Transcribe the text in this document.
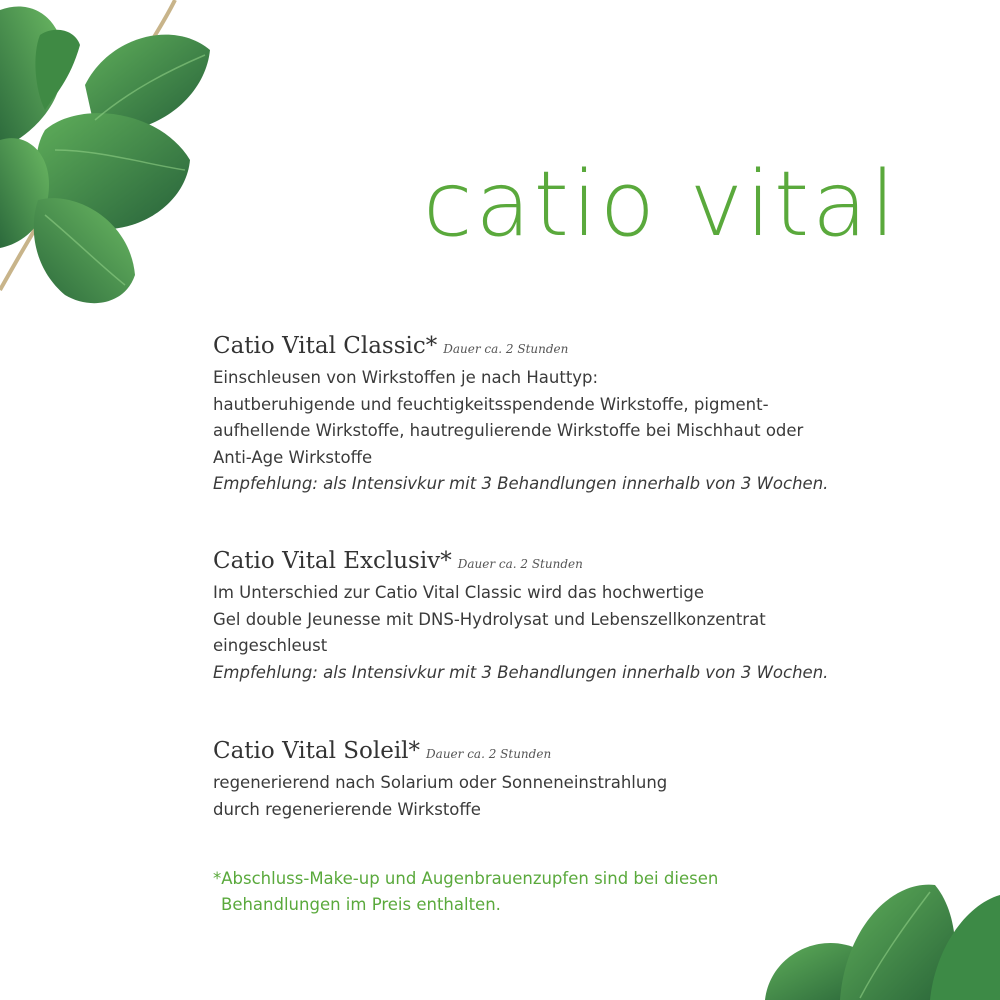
catio vital
Catio Vital Classic* Dauer ca. 2 Stunden
Einschleusen von Wirkstoffen je nach Hauttyp:
hautberuhigende und feuchtigkeitsspendende Wirkstoffe, pigment-
aufhellende Wirkstoffe, hautregulierende Wirkstoffe bei Mischhaut oder
Anti-Age Wirkstoffe
Empfehlung: als Intensivkur mit 3 Behandlungen innerhalb von 3 Wochen.
Catio Vital Exclusiv* Dauer ca. 2 Stunden
Im Unterschied zur Catio Vital Classic wird das hochwertige
Gel double Jeunesse mit DNS-Hydrolysat und Lebenszellkonzentrat
eingeschleust
Empfehlung: als Intensivkur mit 3 Behandlungen innerhalb von 3 Wochen.
Catio Vital Soleil* Dauer ca. 2 Stunden
regenerierend nach Solarium oder Sonneneinstrahlung
durch regenerierende Wirkstoffe
*Abschluss-Make-up und Augenbrauenzupfen sind bei diesen
Behandlungen im Preis enthalten.
